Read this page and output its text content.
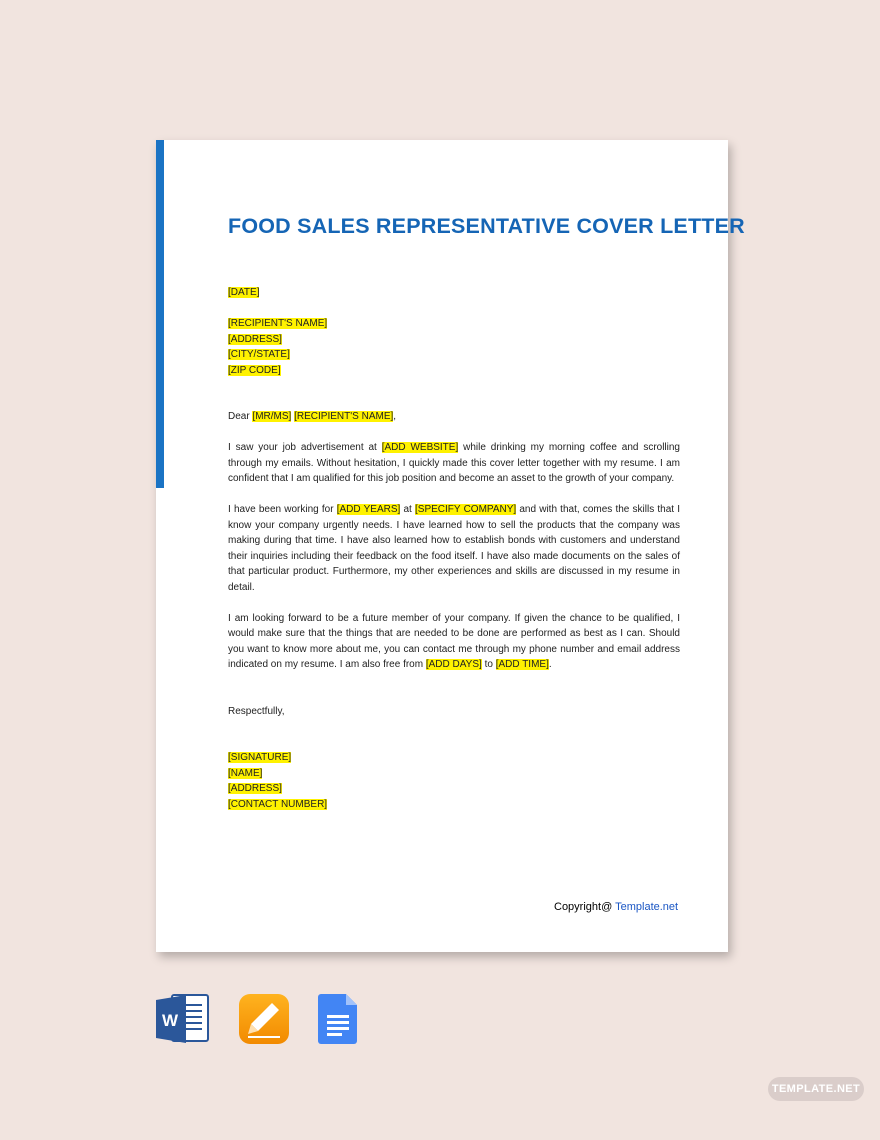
FOOD SALES REPRESENTATIVE COVER LETTER

[DATE]

[RECIPIENT'S NAME]
[ADDRESS]
[CITY/STATE]
[ZIP CODE]

Dear [MR/MS] [RECIPIENT'S NAME],

I saw your job advertisement at [ADD WEBSITE] while drinking my morning coffee and scrolling through my emails. Without hesitation, I quickly made this cover letter together with my resume. I am confident that I am qualified for this job position and become an asset to the growth of your company.

I have been working for [ADD YEARS] at [SPECIFY COMPANY] and with that, comes the skills that I know your company urgently needs. I have learned how to sell the products that the company was making during that time. I have also learned how to establish bonds with customers and understand their inquiries including their feedback on the food itself. I have also made documents on the sales of that particular product. Furthermore, my other experiences and skills are discussed in my resume in detail.

I am looking forward to be a future member of your company. If given the chance to be qualified, I would make sure that the things that are needed to be done are performed as best as I can. Should you want to know more about me, you can contact me through my phone number and email address indicated on my resume. I am also free from [ADD DAYS] to [ADD TIME].

Respectfully,

[SIGNATURE]
[NAME]
[ADDRESS]
[CONTACT NUMBER]

Copyright@ Template.net
W
TEMPLATE.NET
